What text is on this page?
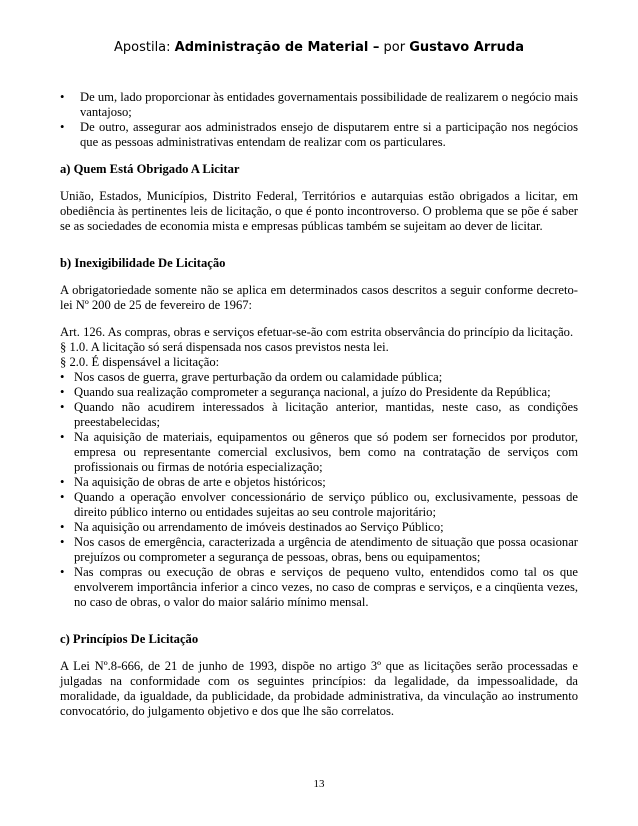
Apostila: Administração de Material – por Gustavo Arruda
• De um, lado proporcionar às entidades governamentais possibilidade de realizarem o negócio mais vantajoso;
• De outro, assegurar aos administrados ensejo de disputarem entre si a participação nos negócios que as pessoas administrativas entendam de realizar com os particulares.

a) Quem Está Obrigado A Licitar

União, Estados, Municípios, Distrito Federal, Territórios e autarquias estão obrigados a licitar, em obediência às pertinentes leis de licitação, o que é ponto incontroverso. O problema que se põe é saber se as sociedades de economia mista e empresas públicas também se sujeitam ao dever de licitar.

b) Inexigibilidade De Licitação

A obrigatoriedade somente não se aplica em determinados casos descritos a seguir conforme decreto-lei Nº 200 de 25 de fevereiro de 1967:

Art. 126. As compras, obras e serviços efetuar-se-ão com estrita observância do princípio da licitação.

§ 1.0. A licitação só será dispensada nos casos previstos nesta lei.

§ 2.0. É dispensável a licitação:

• Nos casos de guerra, grave perturbação da ordem ou calamidade pública;
• Quando sua realização comprometer a segurança nacional, a juízo do Presidente da República;
• Quando não acudirem interessados à licitação anterior, mantidas, neste caso, as condições preestabelecidas;
• Na aquisição de materiais, equipamentos ou gêneros que só podem ser fornecidos por produtor, empresa ou representante comercial exclusivos, bem como na contratação de serviços com profissionais ou firmas de notória especialização;
• Na aquisição de obras de arte e objetos históricos;
• Quando a operação envolver concessionário de serviço público ou, exclusivamente, pessoas de direito público interno ou entidades sujeitas ao seu controle majoritário;
• Na aquisição ou arrendamento de imóveis destinados ao Serviço Público;
• Nos casos de emergência, caracterizada a urgência de atendimento de situação que possa ocasionar prejuízos ou comprometer a segurança de pessoas, obras, bens ou equipamentos;
• Nas compras ou execução de obras e serviços de pequeno vulto, entendidos como tal os que envolverem importância inferior a cinco vezes, no caso de compras e serviços, e a cinqüenta vezes, no caso de obras, o valor do maior salário mínimo mensal.

c) Princípios De Licitação

A Lei Nº.8-666, de 21 de junho de 1993, dispõe no artigo 3º que as licitações serão processadas e julgadas na conformidade com os seguintes princípios: da legalidade, da impessoalidade, da moralidade, da igualdade, da publicidade, da probidade administrativa, da vinculação ao instrumento convocatório, do julgamento objetivo e dos que lhe são correlatos.

13
